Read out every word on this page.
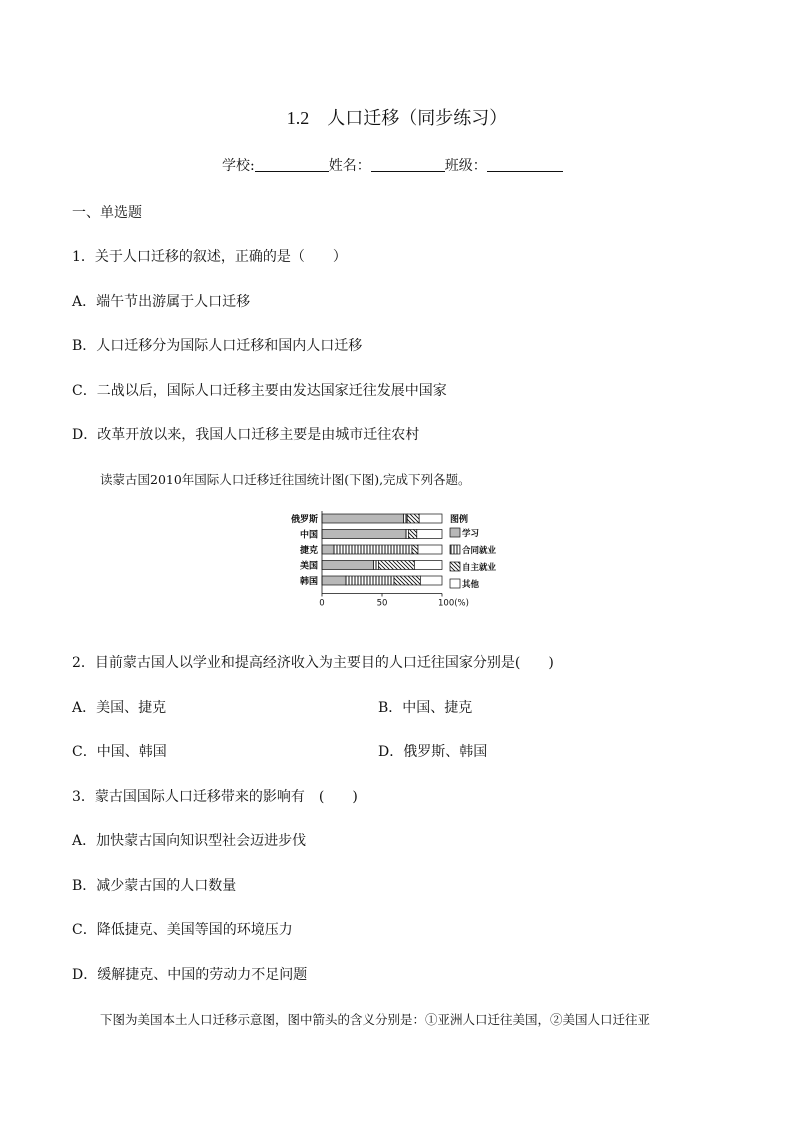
1.2 人口迁移（同步练习）
学校:	姓名：	班级：
一、单选题
1．关于人口迁移的叙述，正确的是（　　）
A．端午节出游属于人口迁移
B．人口迁移分为国际人口迁移和国内人口迁移
C．二战以后，国际人口迁移主要由发达国家迁往发展中国家
D．改革开放以来，我国人口迁移主要是由城市迁往农村
读蒙古国2010年国际人口迁移迁往国统计图(下图),完成下列各题。
俄罗斯
中国
捷克
美国
韩国
0	50	100(%)
图例
学习
合同就业
自主就业
其他
2．目前蒙古国人以学业和提高经济收入为主要目的人口迁往国家分别是(　　)
A．美国、捷克	B．中国、捷克
C．中国、韩国	D．俄罗斯、韩国
3．蒙古国国际人口迁移带来的影响有　(　　)
A．加快蒙古国向知识型社会迈进步伐
B．减少蒙古国的人口数量
C．降低捷克、美国等国的环境压力
D．缓解捷克、中国的劳动力不足问题
下图为美国本土人口迁移示意图，图中箭头的含义分别是：①亚洲人口迁往美国，②美国人口迁往亚
